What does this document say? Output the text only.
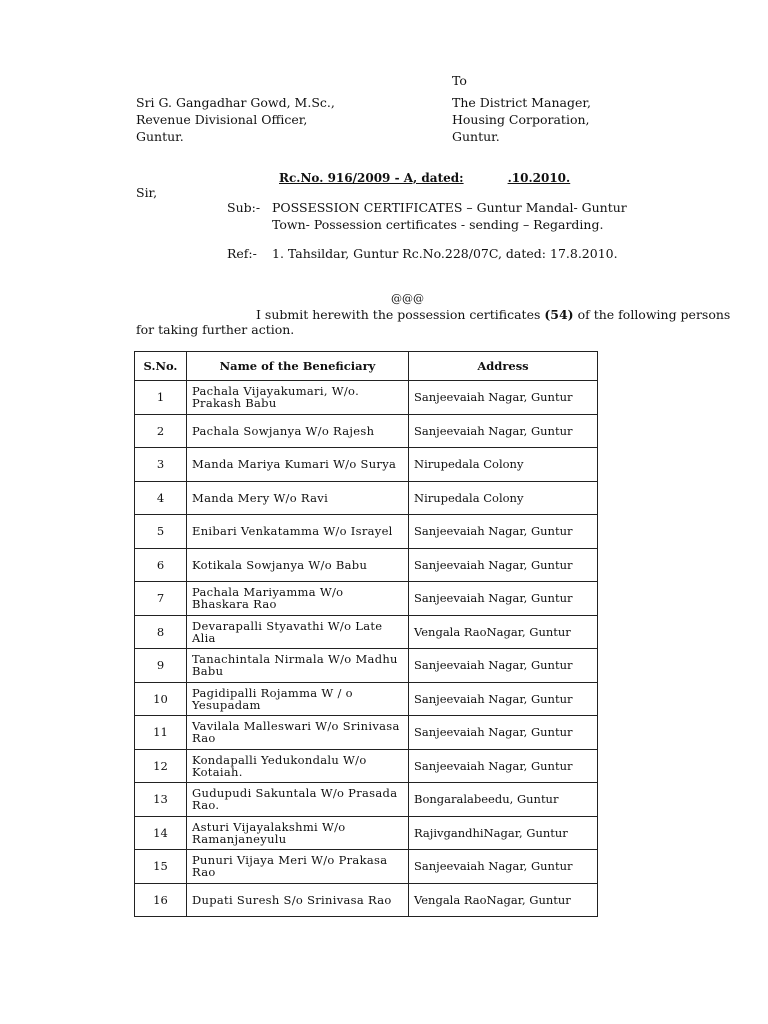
To
Sri G. Gangadhar Gowd, M.Sc.,
Revenue Divisional Officer,
Guntur.
The District Manager,
Housing Corporation,
Guntur.
Rc.No. 916/2009 - A, dated:	.10.2010.
Sir,
Sub:- POSSESSION CERTIFICATES – Guntur Mandal- Guntur Town- Possession certificates - sending – Regarding.
Ref:- 1. Tahsildar, Guntur Rc.No.228/07C, dated: 17.8.2010.
@@@
I submit herewith the possession certificates (54) of the following persons
for taking further action.
S.No.	Name of the Beneficiary	Address
1	Pachala Vijayakumari, W/o. Prakash Babu	Sanjeevaiah Nagar, Guntur
2	Pachala Sowjanya W/o Rajesh	Sanjeevaiah Nagar, Guntur
3	Manda Mariya Kumari W/o Surya	Nirupedala Colony
4	Manda Mery W/o Ravi	Nirupedala Colony
5	Enibari Venkatamma W/o Israyel	Sanjeevaiah Nagar, Guntur
6	Kotikala Sowjanya W/o Babu	Sanjeevaiah Nagar, Guntur
7	Pachala Mariyamma W/o Bhaskara Rao	Sanjeevaiah Nagar, Guntur
8	Devarapalli Styavathi W/o Late Alia	Vengala RaoNagar, Guntur
9	Tanachintala Nirmala W/o Madhu Babu	Sanjeevaiah Nagar, Guntur
10	Pagidipalli Rojamma W / o Yesupadam	Sanjeevaiah Nagar, Guntur
11	Vavilala Malleswari W/o Srinivasa Rao	Sanjeevaiah Nagar, Guntur
12	Kondapalli Yedukondalu W/o Kotaiah.	Sanjeevaiah Nagar, Guntur
13	Gudupudi Sakuntala W/o Prasada Rao.	Bongaralabeedu, Guntur
14	Asturi Vijayalakshmi W/o Ramanjaneyulu	RajivgandhiNagar, Guntur
15	Punuri Vijaya Meri W/o Prakasa Rao	Sanjeevaiah Nagar, Guntur
16	Dupati Suresh S/o Srinivasa Rao	Vengala RaoNagar, Guntur
